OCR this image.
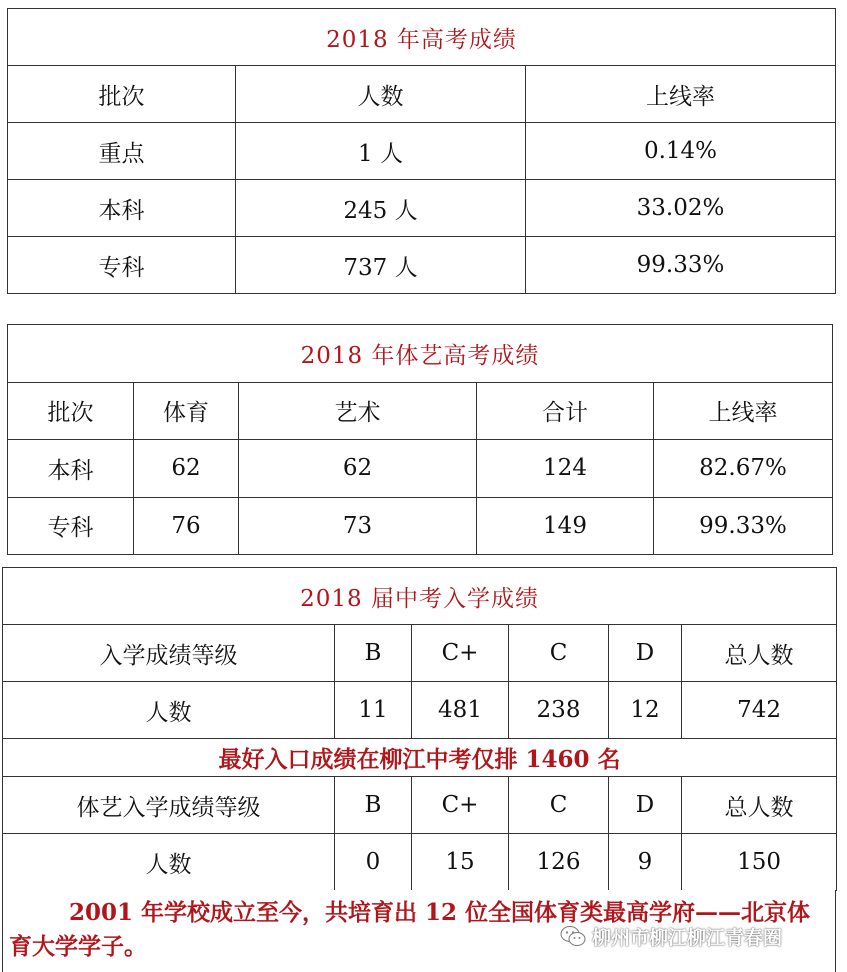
2018 年高考成绩		
批次	人数	上线率
重点	1 人	0.14%
本科	245 人	33.02%
专科	737 人	99.33%
2018 年体艺高考成绩				
批次	体育	艺术	合计	上线率
本科	62	62	124	82.67%
专科	76	73	149	99.33%
2018 届中考入学成绩					
入学成绩等级	B	C+	C	D	总人数
人数	11	481	238	12	742
最好入口成绩在柳江中考仅排 1460 名					
体艺入学成绩等级	B	C+	C	D	总人数
人数	0	15	126	9	150
2001 年学校成立至今，共培育出 12 位全国体育类最高学府——北京体育大学学子。	柳州市柳江柳江青春圈
